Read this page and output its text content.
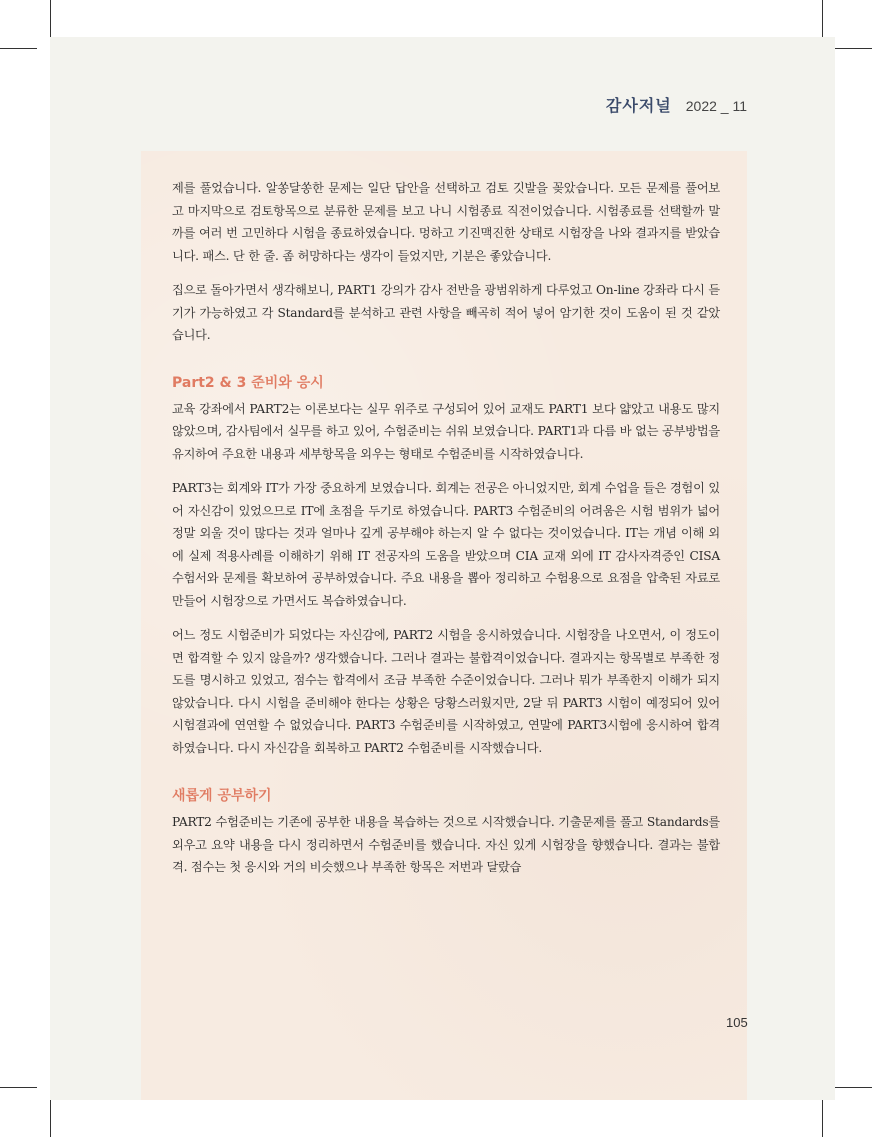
감사저널 2022 _ 11

제를 풀었습니다. 알쏭달쏭한 문제는 일단 답안을 선택하고 검토 깃발을 꽂았습니다. 모든 문제를 풀어보고 마지막으로 검토항목으로 분류한 문제를 보고 나니 시험종료 직전이었습니다. 시험종료를 선택할까 말까를 여러 번 고민하다 시험을 종료하였습니다. 멍하고 기진맥진한 상태로 시험장을 나와 결과지를 받았습니다. 패스. 단 한 줄. 좀 허망하다는 생각이 들었지만, 기분은 좋았습니다.

집으로 돌아가면서 생각해보니, PART1 강의가 감사 전반을 광범위하게 다루었고 On-line 강좌라 다시 듣기가 가능하였고 각 Standard를 분석하고 관련 사항을 빼곡히 적어 넣어 암기한 것이 도움이 된 것 같았습니다.

Part2 & 3 준비와 응시

교육 강좌에서 PART2는 이론보다는 실무 위주로 구성되어 있어 교재도 PART1 보다 얇았고 내용도 많지 않았으며, 감사팀에서 실무를 하고 있어, 수험준비는 쉬워 보였습니다. PART1과 다름 바 없는 공부방법을 유지하여 주요한 내용과 세부항목을 외우는 형태로 수험준비를 시작하였습니다.

PART3는 회계와 IT가 가장 중요하게 보였습니다. 회계는 전공은 아니었지만, 회계 수업을 들은 경험이 있어 자신감이 있었으므로 IT에 초점을 두기로 하였습니다. PART3 수험준비의 어려움은 시험 범위가 넓어 정말 외울 것이 많다는 것과 얼마나 깊게 공부해야 하는지 알 수 없다는 것이었습니다. IT는 개념 이해 외에 실제 적용사례를 이해하기 위해 IT 전공자의 도움을 받았으며 CIA 교재 외에 IT 감사자격증인 CISA 수험서와 문제를 확보하여 공부하였습니다. 주요 내용을 뽑아 정리하고 수험용으로 요점을 압축된 자료로 만들어 시험장으로 가면서도 복습하였습니다.

어느 정도 시험준비가 되었다는 자신감에, PART2 시험을 응시하였습니다. 시험장을 나오면서, 이 정도이면 합격할 수 있지 않을까? 생각했습니다. 그러나 결과는 불합격이었습니다. 결과지는 항목별로 부족한 정도를 명시하고 있었고, 점수는 합격에서 조금 부족한 수준이었습니다. 그러나 뭐가 부족한지 이해가 되지 않았습니다. 다시 시험을 준비해야 한다는 상황은 당황스러웠지만, 2달 뒤 PART3 시험이 예정되어 있어 시험결과에 연연할 수 없었습니다. PART3 수험준비를 시작하였고, 연말에 PART3시험에 응시하여 합격하였습니다. 다시 자신감을 회복하고 PART2 수험준비를 시작했습니다.

새롭게 공부하기

PART2 수험준비는 기존에 공부한 내용을 복습하는 것으로 시작했습니다. 기출문제를 풀고 Standards를 외우고 요약 내용을 다시 정리하면서 수험준비를 했습니다. 자신 있게 시험장을 향했습니다. 결과는 불합격. 점수는 첫 응시와 거의 비슷했으나 부족한 항목은 저번과 달랐습

105
